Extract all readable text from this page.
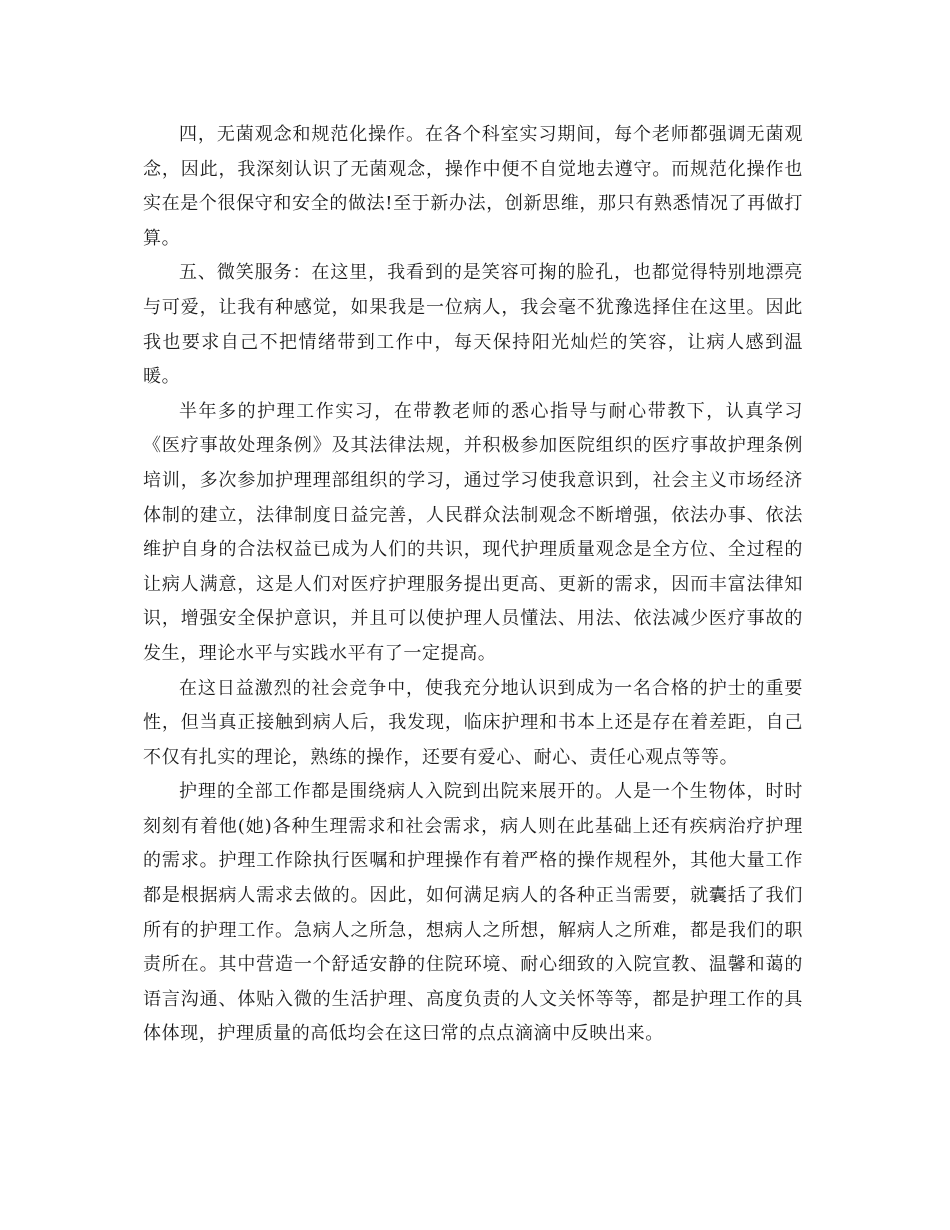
四，无菌观念和规范化操作。在各个科室实习期间，每个老师都强调无菌观念，因此，我深刻认识了无菌观念，操作中便不自觉地去遵守。而规范化操作也实在是个很保守和安全的做法!至于新办法，创新思维，那只有熟悉情况了再做打算。

五、微笑服务：在这里，我看到的是笑容可掬的脸孔，也都觉得特别地漂亮与可爱，让我有种感觉，如果我是一位病人，我会毫不犹豫选择住在这里。因此我也要求自己不把情绪带到工作中，每天保持阳光灿烂的笑容，让病人感到温暖。

半年多的护理工作实习，在带教老师的悉心指导与耐心带教下，认真学习《医疗事故处理条例》及其法律法规，并积极参加医院组织的医疗事故护理条例培训，多次参加护理理部组织的学习，通过学习使我意识到，社会主义市场经济体制的建立，法律制度日益完善，人民群众法制观念不断增强，依法办事、依法维护自身的合法权益已成为人们的共识，现代护理质量观念是全方位、全过程的让病人满意，这是人们对医疗护理服务提出更高、更新的需求，因而丰富法律知识，增强安全保护意识，并且可以使护理人员懂法、用法、依法减少医疗事故的发生，理论水平与实践水平有了一定提高。

在这日益激烈的社会竞争中，使我充分地认识到成为一名合格的护士的重要性，但当真正接触到病人后，我发现，临床护理和书本上还是存在着差距，自己不仅有扎实的理论，熟练的操作，还要有爱心、耐心、责任心观点等等。

护理的全部工作都是围绕病人入院到出院来展开的。人是一个生物体，时时刻刻有着他(她)各种生理需求和社会需求，病人则在此基础上还有疾病治疗护理的需求。护理工作除执行医嘱和护理操作有着严格的操作规程外，其他大量工作都是根据病人需求去做的。因此，如何满足病人的各种正当需要，就囊括了我们所有的护理工作。急病人之所急，想病人之所想，解病人之所难，都是我们的职责所在。其中营造一个舒适安静的住院环境、耐心细致的入院宣教、温馨和蔼的语言沟通、体贴入微的生活护理、高度负责的人文关怀等等，都是护理工作的具体体现，护理质量的高低均会在这曰常的点点滴滴中反映出来。
